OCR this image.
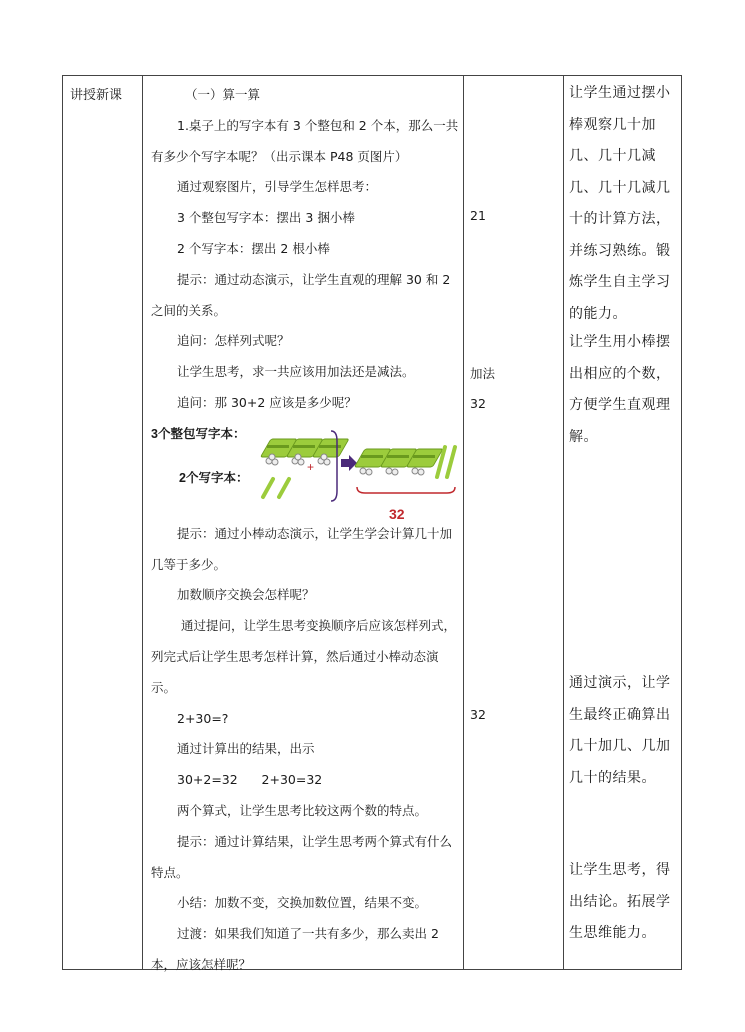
讲授新课	（一）算一算

1.桌子上的写字本有 3 个整包和 2 个本，那么一共有多少个写字本呢？（出示课本 P48 页图片）

通过观察图片，引导学生怎样思考：

3 个整包写字本：摆出 3 捆小棒

2 个写字本：摆出 2 根小棒

提示：通过动态演示，让学生直观的理解 30 和 2 之间的关系。

追问：怎样列式呢？

让学生思考，求一共应该用加法还是减法。

追问：那 30+2 应该是多少呢？

3个整包写字本：
2个写字本：
+
32

提示：通过小棒动态演示，让学生学会计算几十加几等于多少。

加数顺序交换会怎样呢？

通过提问，让学生思考变换顺序后应该怎样列式，列完式后让学生思考怎样计算，然后通过小棒动态演示。

2+30=?

通过计算出的结果，出示

30+2=32      2+30=32

两个算式，让学生思考比较这两个数的特点。

提示：通过计算结果，让学生思考两个算式有什么特点。

小结：加数不变，交换加数位置，结果不变。

过渡：如果我们知道了一共有多少，那么卖出 2 本，应该怎样呢？

21
加法
32
32
让学生通过摆小棒观察几十加几、几十几减几、几十几减几十的计算方法，并练习熟练。锻炼学生自主学习的能力。
让学生用小棒摆出相应的个数，方便学生直观理解。
通过演示，让学生最终正确算出几十加几、几加几十的结果。
让学生思考，得出结论。拓展学生思维能力。
